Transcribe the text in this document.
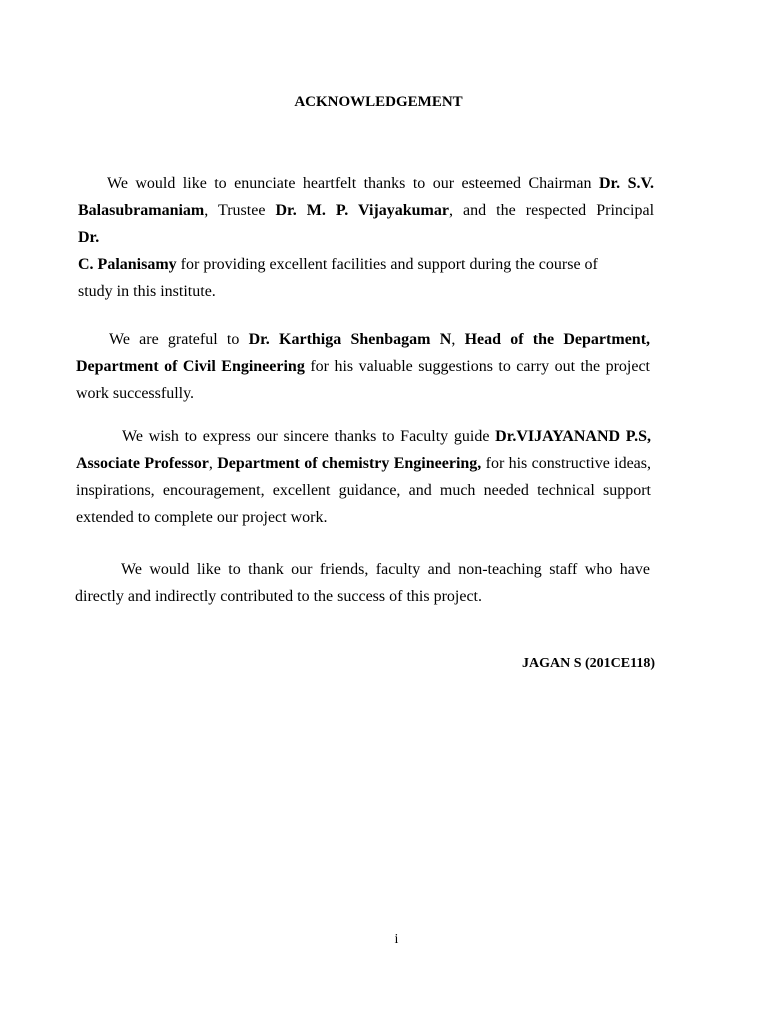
ACKNOWLEDGEMENT
We would like to enunciate heartfelt thanks to our esteemed Chairman Dr. S.V.
Balasubramaniam, Trustee Dr. M. P. Vijayakumar, and the respected Principal
Dr.
C. Palanisamy for providing excellent facilities and support during the course of
study in this institute.

We are grateful to Dr. Karthiga Shenbagam N, Head of the Department, Department of Civil Engineering for his valuable suggestions to carry out the project work successfully.

We wish to express our sincere thanks to Faculty guide Dr.VIJAYANAND P.S, Associate Professor, Department of chemistry Engineering, for his constructive ideas, inspirations, encouragement, excellent guidance, and much needed technical support extended to complete our project work.

We would like to thank our friends, faculty and non-teaching staff who have directly and indirectly contributed to the success of this project.

JAGAN S (201CE118)
i
